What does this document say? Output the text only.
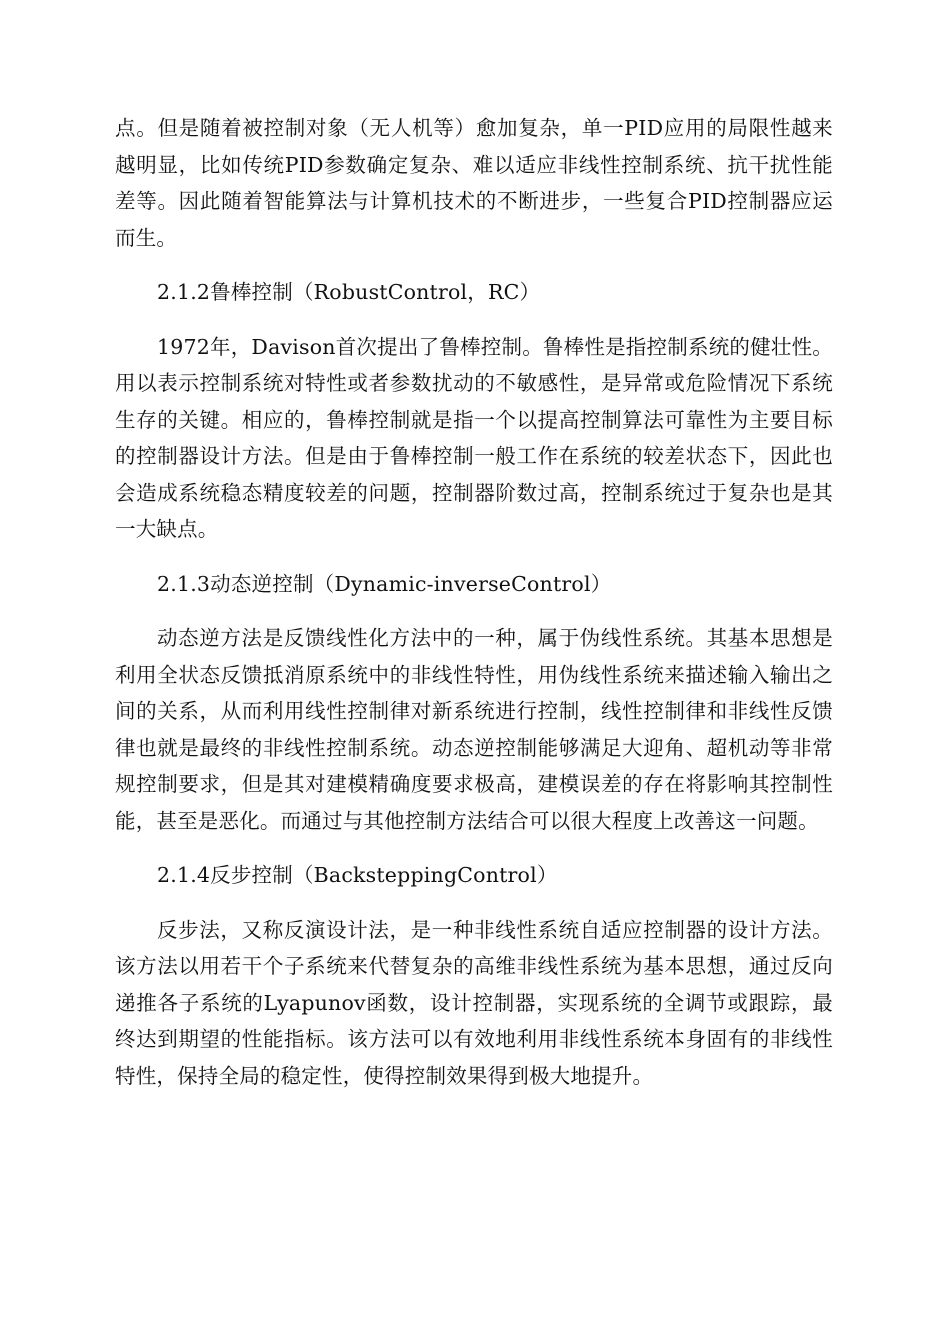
点。但是随着被控制对象（无人机等）愈加复杂，单一PID应用的局限性越来越明显，比如传统PID参数确定复杂、难以适应非线性控制系统、抗干扰性能差等。因此随着智能算法与计算机技术的不断进步，一些复合PID控制器应运而生。

2.1.2鲁棒控制（RobustControl，RC）

1972年，Davison首次提出了鲁棒控制。鲁棒性是指控制系统的健壮性。用以表示控制系统对特性或者参数扰动的不敏感性，是异常或危险情况下系统生存的关键。相应的，鲁棒控制就是指一个以提高控制算法可靠性为主要目标的控制器设计方法。但是由于鲁棒控制一般工作在系统的较差状态下，因此也会造成系统稳态精度较差的问题，控制器阶数过高，控制系统过于复杂也是其一大缺点。

2.1.3动态逆控制（Dynamic-inverseControl）

动态逆方法是反馈线性化方法中的一种，属于伪线性系统。其基本思想是利用全状态反馈抵消原系统中的非线性特性，用伪线性系统来描述输入输出之间的关系，从而利用线性控制律对新系统进行控制，线性控制律和非线性反馈律也就是最终的非线性控制系统。动态逆控制能够满足大迎角、超机动等非常规控制要求，但是其对建模精确度要求极高，建模误差的存在将影响其控制性能，甚至是恶化。而通过与其他控制方法结合可以很大程度上改善这一问题。

2.1.4反步控制（BacksteppingControl）

反步法，又称反演设计法，是一种非线性系统自适应控制器的设计方法。该方法以用若干个子系统来代替复杂的高维非线性系统为基本思想，通过反向递推各子系统的Lyapunov函数，设计控制器，实现系统的全调节或跟踪，最终达到期望的性能指标。该方法可以有效地利用非线性系统本身固有的非线性特性，保持全局的稳定性，使得控制效果得到极大地提升。
